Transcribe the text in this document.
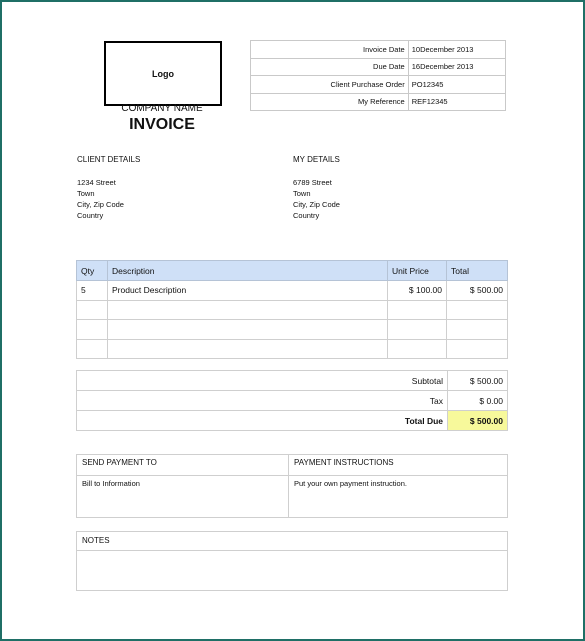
Logo
COMPANY NAME
INVOICE
Invoice Date	10December 2013
Due Date	16December 2013
Client Purchase Order	PO12345
My Reference	REF12345
CLIENT DETAILS
1234 Street
Town
City, Zip Code
Country
MY DETAILS
6789 Street
Town
City, Zip Code
Country
Qty	Description	Unit Price	Total
5	Product Description	$ 100.00	$ 500.00

Subtotal	$ 500.00
Tax	$ 0.00
Total Due	$ 500.00
SEND PAYMENT TO	PAYMENT INSTRUCTIONS
Bill to Information	Put your own payment instruction.
NOTES
